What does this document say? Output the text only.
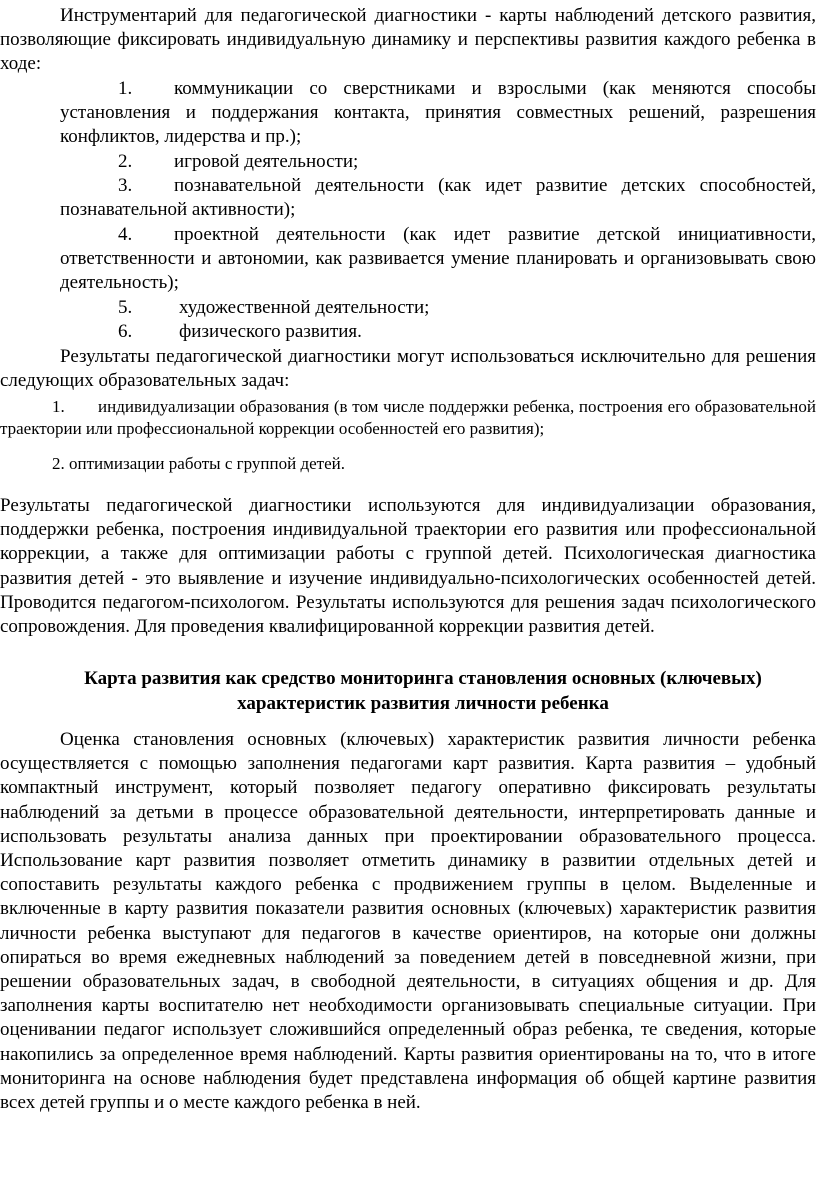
Инструментарий для педагогической диагностики - карты наблюдений детского развития, позволяющие фиксировать индивидуальную динамику и перспективы развития каждого ребенка в ходе:

1. коммуникации со сверстниками и взрослыми (как меняются способы установления и поддержания контакта, принятия совместных решений, разрешения конфликтов, лидерства и пр.);

2. игровой деятельности;

3. познавательной деятельности (как идет развитие детских способностей, познавательной активности);

4. проектной деятельности (как идет развитие детской инициативности, ответственности и автономии, как развивается умение планировать и организовывать свою деятельность);

5. художественной деятельности;

6. физического развития.

Результаты педагогической диагностики могут использоваться исключительно для решения следующих образовательных задач:

1. индивидуализации образования (в том числе поддержки ребенка, построения его образовательной траектории или профессиональной коррекции особенностей его развития);

2. оптимизации работы с группой детей.

Результаты педагогической диагностики используются для индивидуализации образования, поддержки ребенка, построения индивидуальной траектории его развития или профессиональной коррекции, а также для оптимизации работы с группой детей. Психологическая диагностика развития детей - это выявление и изучение индивидуально-психологических особенностей детей. Проводится педагогом-психологом. Результаты используются для решения задач психологического сопровождения. Для проведения квалифицированной коррекции развития детей.

Карта развития как средство мониторинга становления основных (ключевых)
характеристик развития личности ребенка

Оценка становления основных (ключевых) характеристик развития личности ребенка осуществляется с помощью заполнения педагогами карт развития. Карта развития – удобный компактный инструмент, который позволяет педагогу оперативно фиксировать результаты наблюдений за детьми в процессе образовательной деятельности, интерпретировать данные и использовать результаты анализа данных при проектировании образовательного процесса. Использование карт развития позволяет отметить динамику в развитии отдельных детей и сопоставить результаты каждого ребенка с продвижением группы в целом. Выделенные и включенные в карту развития показатели развития основных (ключевых) характеристик развития личности ребенка выступают для педагогов в качестве ориентиров, на которые они должны опираться во время ежедневных наблюдений за поведением детей в повседневной жизни, при решении образовательных задач, в свободной деятельности, в ситуациях общения и др. Для заполнения карты воспитателю нет необходимости организовывать специальные ситуации. При оценивании педагог использует сложившийся определенный образ ребенка, те сведения, которые накопились за определенное время наблюдений. Карты развития ориентированы на то, что в итоге мониторинга на основе наблюдения будет представлена информация об общей картине развития всех детей группы и о месте каждого ребенка в ней.
